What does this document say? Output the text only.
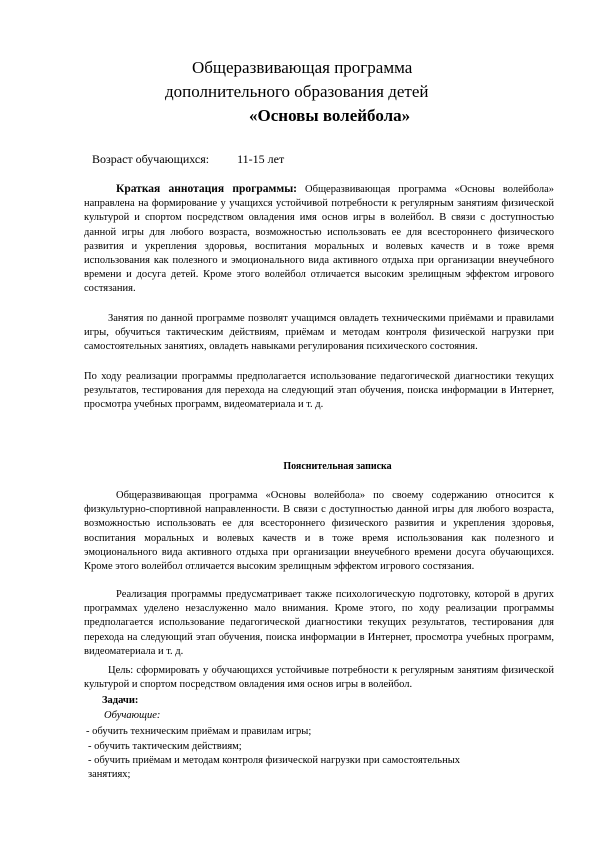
Общеразвивающая программа
дополнительного образования детей
«Основы волейбола»
Возраст обучающихся: 11-15 лет

Краткая аннотация программы: Общеразвивающая программа «Основы волейбола» направлена на формирование у учащихся устойчивой потребности к регулярным занятиям физической культурой и спортом посредством овладения имя основ игры в волейбол. В связи с доступностью данной игры для любого возраста, возможностью использовать ее для всестороннего физического развития и укрепления здоровья, воспитания моральных и волевых качеств и в тоже время использования как полезного и эмоционального вида активного отдыха при организации внеучебного времени и досуга детей. Кроме этого волейбол отличается высоким зрелищным эффектом игрового состязания.

Занятия по данной программе позволят учащимся овладеть техническими приёмами и правилами игры, обучиться тактическим действиям, приёмам и методам контроля физической нагрузки при самостоятельных занятиях, овладеть навыками регулирования психического состояния.

По ходу реализации программы предполагается использование педагогической диагностики текущих результатов, тестирования для перехода на следующий этап обучения, поиска информации в Интернет, просмотра учебных программ, видеоматериала и т. д.

Пояснительная записка

Общеразвивающая программа «Основы волейбола» по своему содержанию относится к физкультурно-спортивной направленности. В связи с доступностью данной игры для любого возраста, возможностью использовать ее для всестороннего физического развития и укрепления здоровья, воспитания моральных и волевых качеств и в тоже время использования как полезного и эмоционального вида активного отдыха при организации внеучебного времени досуга обучающихся. Кроме этого волейбол отличается высоким зрелищным эффектом игрового состязания.

Реализация программы предусматривает также психологическую подготовку, которой в других программах уделено незаслуженно мало внимания. Кроме этого, по ходу реализации программы предполагается использование педагогической диагностики текущих результатов, тестирования для перехода на следующий этап обучения, поиска информации в Интернет, просмотра учебных программ, видеоматериала и т. д.

Цель: сформировать у обучающихся устойчивые потребности к регулярным занятиям физической культурой и спортом посредством овладения имя основ игры в волейбол.

Задачи:
Обучающие:
- обучить техническим приёмам и правилам игры;
- обучить тактическим действиям;
- обучить приёмам и методам контроля физической нагрузки при самостоятельных
занятиях;
